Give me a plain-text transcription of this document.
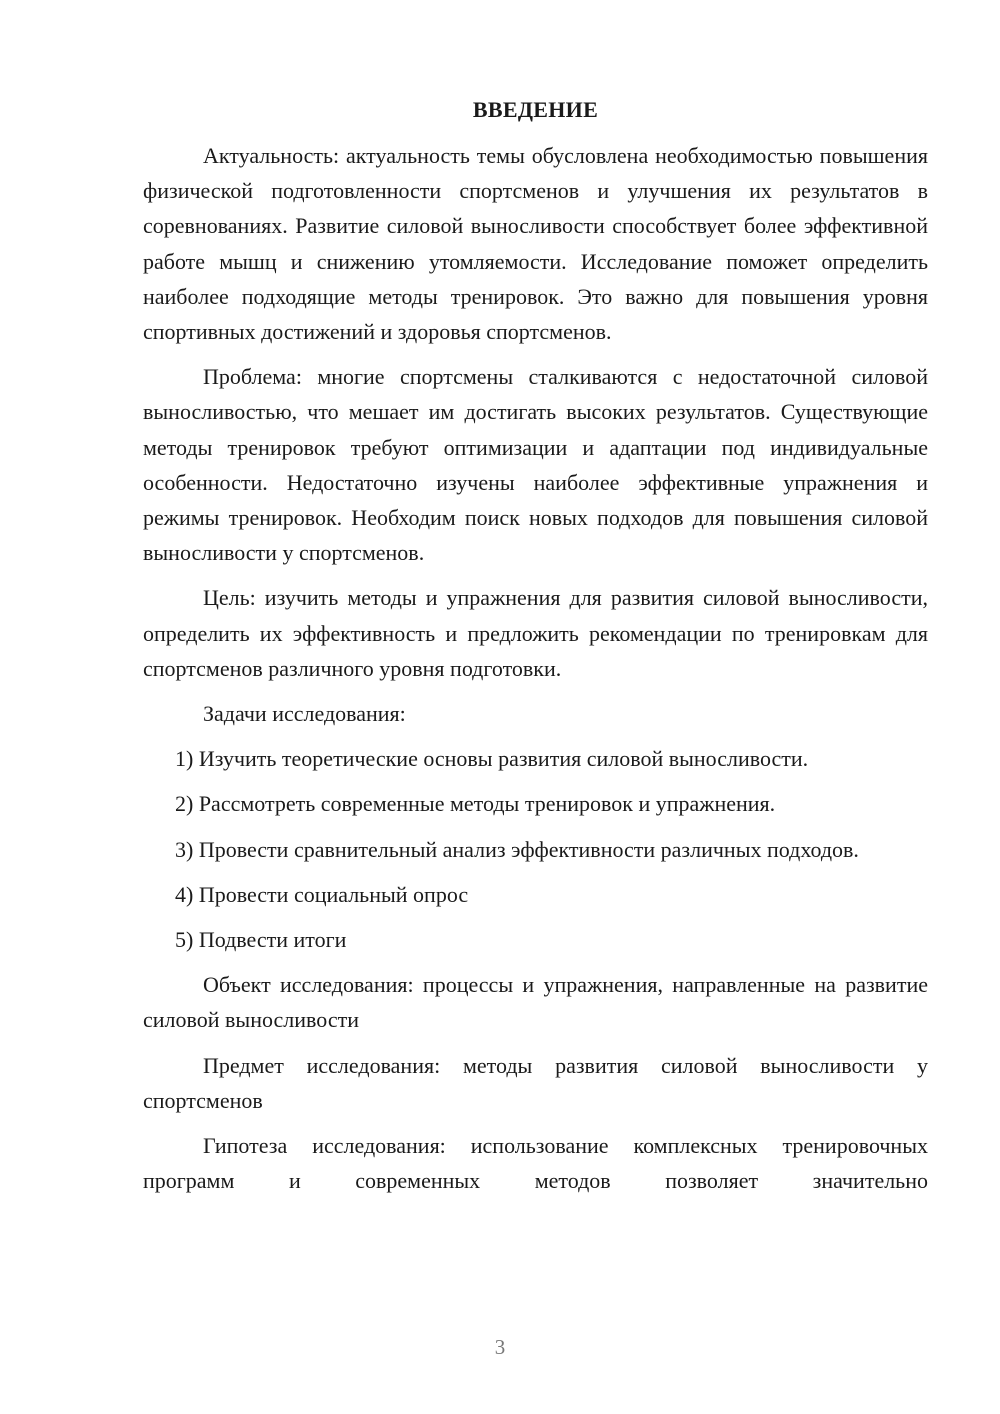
ВВЕДЕНИЕ

Актуальность: актуальность темы обусловлена необходимостью повышения физической подготовленности спортсменов и улучшения их результатов в соревнованиях. Развитие силовой выносливости способствует более эффективной работе мышц и снижению утомляемости. Исследование поможет определить наиболее подходящие методы тренировок. Это важно для повышения уровня спортивных достижений и здоровья спортсменов.

Проблема: многие спортсмены сталкиваются с недостаточной силовой выносливостью, что мешает им достигать высоких результатов. Существующие методы тренировок требуют оптимизации и адаптации под индивидуальные особенности. Недостаточно изучены наиболее эффективные упражнения и режимы тренировок. Необходим поиск новых подходов для повышения силовой выносливости у спортсменов.

Цель: изучить методы и упражнения для развития силовой выносливости, определить их эффективность и предложить рекомендации по тренировкам для спортсменов различного уровня подготовки.

Задачи исследования:

1) Изучить теоретические основы развития силовой выносливости.

2) Рассмотреть современные методы тренировок и упражнения.

3) Провести сравнительный анализ эффективности различных подходов.

4) Провести социальный опрос

5) Подвести итоги

Объект исследования: процессы и упражнения, направленные на развитие силовой выносливости

Предмет исследования: методы развития силовой выносливости у спортсменов

Гипотеза исследования: использование комплексных тренировочных программ и современных методов позволяет значительно

3
